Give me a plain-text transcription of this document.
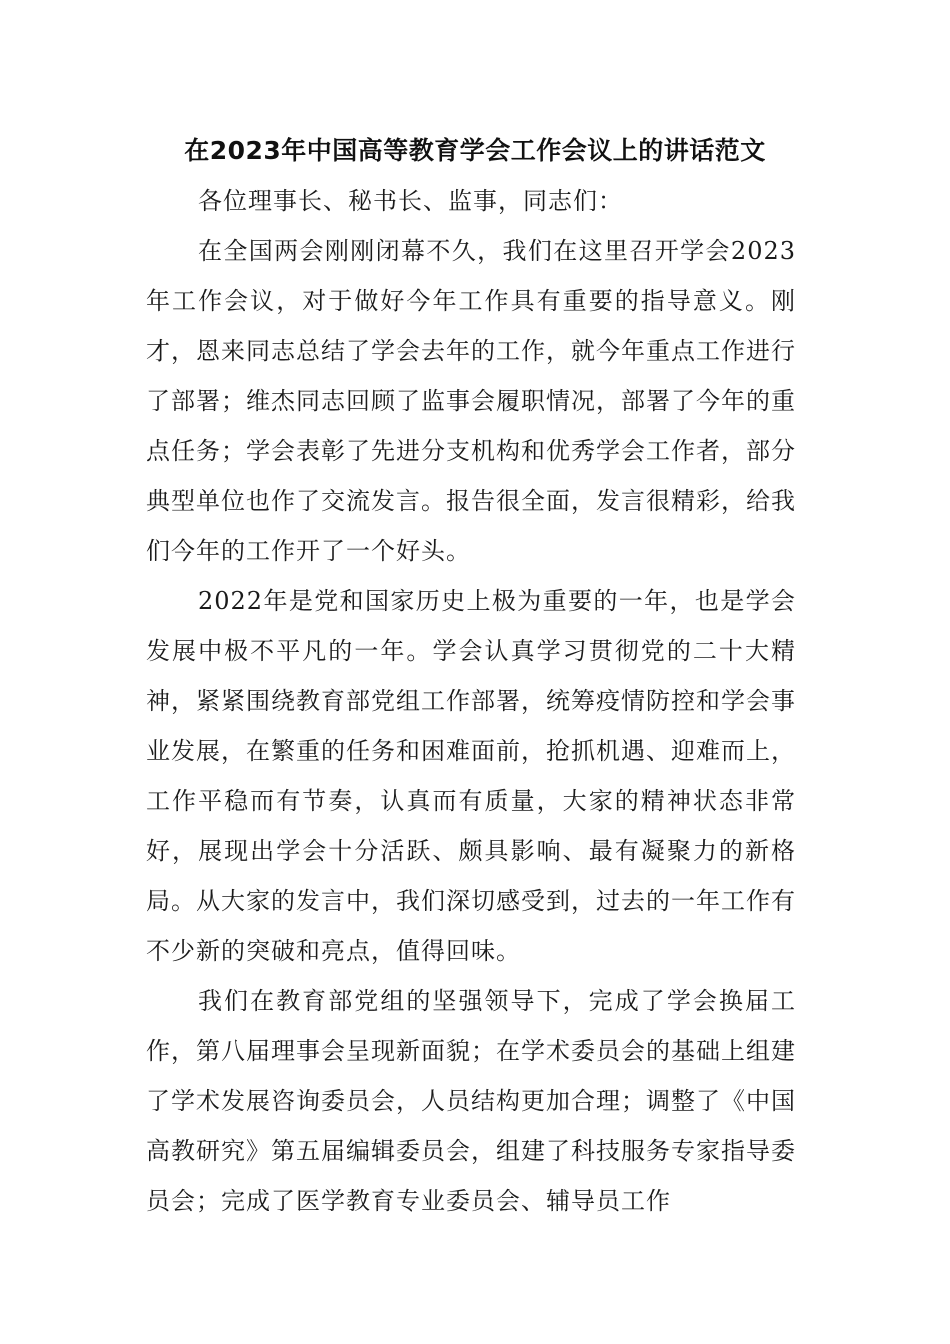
在2023年中国高等教育学会工作会议上的讲话范文

各位理事长、秘书长、监事，同志们：

在全国两会刚刚闭幕不久，我们在这里召开学会2023年工作会议，对于做好今年工作具有重要的指导意义。刚才，恩来同志总结了学会去年的工作，就今年重点工作进行了部署；维杰同志回顾了监事会履职情况，部署了今年的重点任务；学会表彰了先进分支机构和优秀学会工作者，部分典型单位也作了交流发言。报告很全面，发言很精彩，给我们今年的工作开了一个好头。

2022年是党和国家历史上极为重要的一年，也是学会发展中极不平凡的一年。学会认真学习贯彻党的二十大精神，紧紧围绕教育部党组工作部署，统筹疫情防控和学会事业发展，在繁重的任务和困难面前，抢抓机遇、迎难而上，工作平稳而有节奏，认真而有质量，大家的精神状态非常好，展现出学会十分活跃、颇具影响、最有凝聚力的新格局。从大家的发言中，我们深切感受到，过去的一年工作有不少新的突破和亮点，值得回味。

我们在教育部党组的坚强领导下，完成了学会换届工作，第八届理事会呈现新面貌；在学术委员会的基础上组建了学术发展咨询委员会，人员结构更加合理；调整了《中国高教研究》第五届编辑委员会，组建了科技服务专家指导委员会；完成了医学教育专业委员会、辅导员工作
